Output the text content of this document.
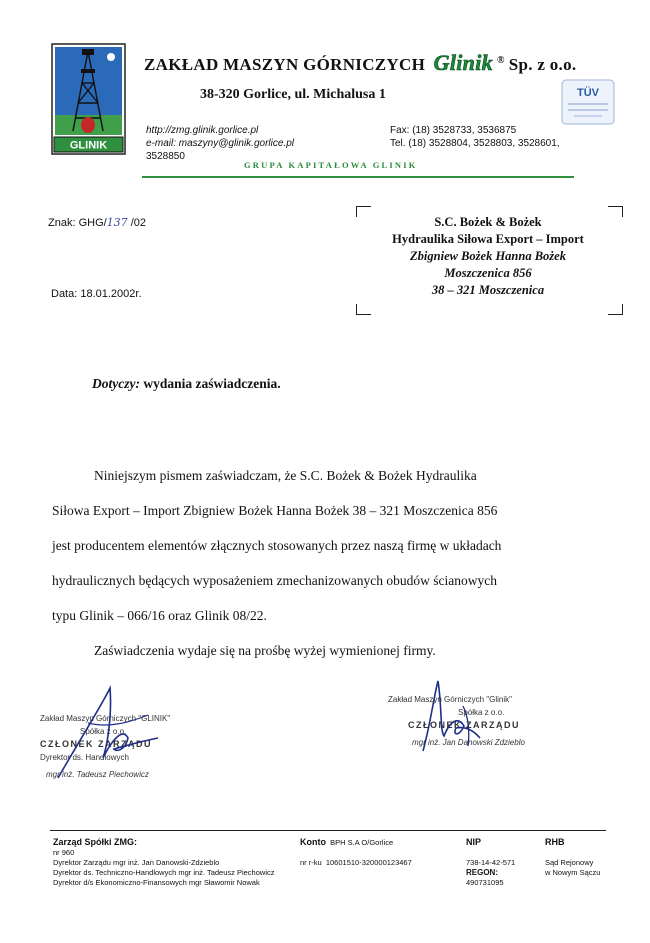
GLINIK
ZAKŁAD MASZYN GÓRNICZYCH Glinik ® Sp. z o.o.
38-320 Gorlice, ul. Michalusa 1	TÜV
http://zmg.glinik.gorlice.pl
e-mail: maszyny@glinik.gorlice.pl
3528850
Fax: (18) 3528733, 3536875
Tel. (18) 3528804, 3528803, 3528601,
GRUPA KAPITAŁOWA GLINIK
Znak: GHG/137 /02
Data: 18.01.2002r.
S.C. Bożek & Bożek
Hydraulika Siłowa Export – Import
Zbigniew Bożek Hanna Bożek
Moszczenica 856
38 – 321 Moszczenica
Dotyczy: wydania zaświadczenia.

Niniejszym pismem zaświadczam, że S.C. Bożek & Bożek Hydraulika

Siłowa Export – Import Zbigniew Bożek Hanna Bożek 38 – 321 Moszczenica 856

jest producentem elementów złącznych stosowanych przez naszą firmę w układach

hydraulicznych będących wyposażeniem zmechanizowanych obudów ścianowych

typu Glinik – 066/16 oraz Glinik 08/22.

Zaświadczenia wydaje się na prośbę wyżej wymienionej firmy.

Zakład Maszyn Górniczych "GLINIK"
Spółka z o.o.
CZŁONEK ZARZĄDU
Dyrektor ds. Handlowych
mgr inż. Tadeusz Piechowicz
Zakład Maszyn Górniczych "Glinik"
Spółka z o.o.
CZŁONEK ZARZĄDU
mgr inż. Jan Danowski Zdzieblo
Zarząd Spółki ZMG:
nr 960
Dyrektor Zarządu mgr inż. Jan Danowski-Zdzieblo
Dyrektor ds. Techniczno-Handlowych mgr inż. Tadeusz Piechowicz
Dyrektor d/s Ekonomiczno-Finansowych mgr Sławomir Nowak
Konto BPH S.A O/Gorlice
nr r-ku 10601510-320000123467
NIP
738-14-42-571
REGON:
490731095
RHB
Sąd Rejonowy
w Nowym Sączu
